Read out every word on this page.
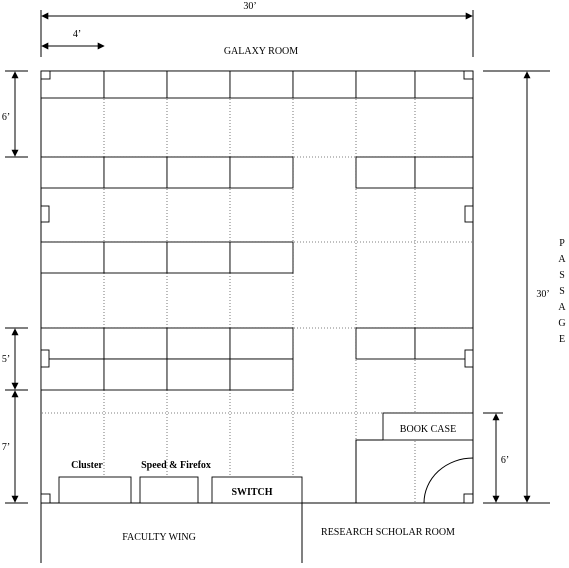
30’
4’
6’
5’
7’
30’
6’
GALAXY ROOM
FACULTY WING	RESEARCH SCHOLAR ROOM
BOOK CASE
Cluster	Speed & Firefox
SWITCH
P
A
S
S
A
G
E
